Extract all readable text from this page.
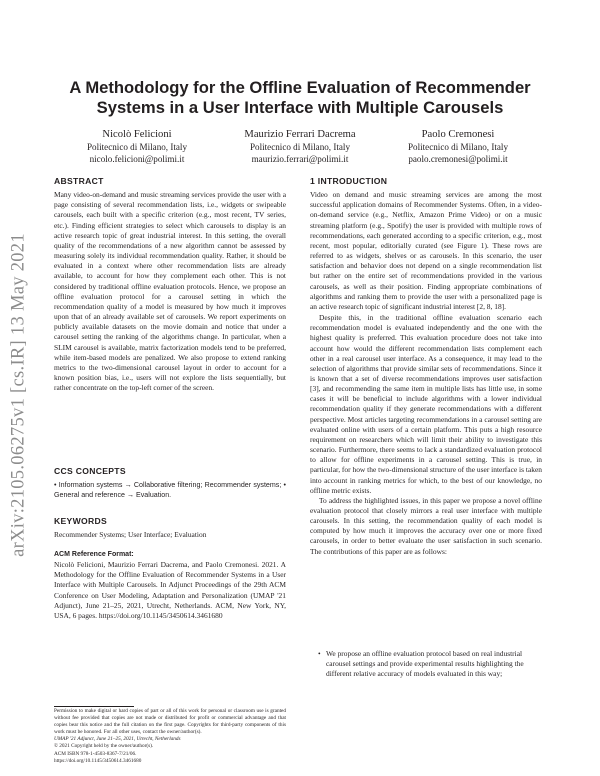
arXiv:2105.06275v1 [cs.IR] 13 May 2021
A Methodology for the Offline Evaluation of Recommender Systems in a User Interface with Multiple Carousels
Nicolò Felicioni
Politecnico di Milano, Italy
nicolo.felicioni@polimi.it
Maurizio Ferrari Dacrema
Politecnico di Milano, Italy
maurizio.ferrari@polimi.it
Paolo Cremonesi
Politecnico di Milano, Italy
paolo.cremonesi@polimi.it
ABSTRACT

Many video-on-demand and music streaming services provide the user with a page consisting of several recommendation lists, i.e., widgets or swipeable carousels, each built with a specific criterion (e.g., most recent, TV series, etc.). Finding efficient strategies to select which carousels to display is an active research topic of great industrial interest. In this setting, the overall quality of the recommendations of a new algorithm cannot be assessed by measuring solely its individual recommendation quality. Rather, it should be evaluated in a context where other recommendation lists are already available, to account for how they complement each other. This is not considered by traditional offline evaluation protocols. Hence, we propose an offline evaluation protocol for a carousel setting in which the recommendation quality of a model is measured by how much it improves upon that of an already available set of carousels. We report experiments on publicly available datasets on the movie domain and notice that under a carousel setting the ranking of the algorithms change. In particular, when a SLIM carousel is available, matrix factorization models tend to be preferred, while item-based models are penalized. We also propose to extend ranking metrics to the two-dimensional carousel layout in order to account for a known position bias, i.e., users will not explore the lists sequentially, but rather concentrate on the top-left corner of the screen.

CCS CONCEPTS

• Information systems → Collaborative filtering; Recommender systems; • General and reference → Evaluation.

KEYWORDS

Recommender Systems; User Interface; Evaluation

ACM Reference Format:

Nicolò Felicioni, Maurizio Ferrari Dacrema, and Paolo Cremonesi. 2021. A Methodology for the Offline Evaluation of Recommender Systems in a User Interface with Multiple Carousels. In Adjunct Proceedings of the 29th ACM Conference on User Modeling, Adaptation and Personalization (UMAP '21 Adjunct), June 21–25, 2021, Utrecht, Netherlands. ACM, New York, NY, USA, 6 pages. https://doi.org/10.1145/3450614.3461680

Permission to make digital or hard copies of part or all of this work for personal or classroom use is granted without fee provided that copies are not made or distributed for profit or commercial advantage and that copies bear this notice and the full citation on the first page. Copyrights for third-party components of this work must be honored. For all other uses, contact the owner/author(s).

UMAP '21 Adjunct, June 21–25, 2021, Utrecht, Netherlands

© 2021 Copyright held by the owner/author(s).

ACM ISBN 978-1-4503-8367-7/21/06.

https://doi.org/10.1145/3450614.3461680

1 INTRODUCTION

Video on demand and music streaming services are among the most successful application domains of Recommender Systems. Often, in a video-on-demand service (e.g., Netflix, Amazon Prime Video) or on a music streaming platform (e.g., Spotify) the user is provided with multiple rows of recommendations, each generated according to a specific criterion, e.g., most recent, most popular, editorially curated (see Figure 1). These rows are referred to as widgets, shelves or as carousels. In this scenario, the user satisfaction and behavior does not depend on a single recommendation list but rather on the entire set of recommendations provided in the various carousels, as well as their position. Finding appropriate combinations of algorithms and ranking them to provide the user with a personalized page is an active research topic of significant industrial interest [2, 8, 18].

Despite this, in the traditional offline evaluation scenario each recommendation model is evaluated independently and the one with the highest quality is preferred. This evaluation procedure does not take into account how would the different recommendation lists complement each other in a real carousel user interface. As a consequence, it may lead to the selection of algorithms that provide similar sets of recommendations. Since it is known that a set of diverse recommendations improves user satisfaction [3], and recommending the same item in multiple lists has little use, in some cases it will be beneficial to include algorithms with a lower individual recommendation quality if they generate recommendations with a different perspective. Most articles targeting recommendations in a carousel setting are evaluated online with users of a certain platform. This puts a high resource requirement on researchers which will limit their ability to investigate this scenario. Furthermore, there seems to lack a standardized evaluation protocol to allow for offline experiments in a carousel setting. This is true, in particular, for how the two-dimensional structure of the user interface is taken into account in ranking metrics for which, to the best of our knowledge, no offline metric exists.

To address the highlighted issues, in this paper we propose a novel offline evaluation protocol that closely mirrors a real user interface with multiple carousels. In this setting, the recommendation quality of each model is computed by how much it improves the accuracy over one or more fixed carousels, in order to better evaluate the user satisfaction in such scenario. The contributions of this paper are as follows:

• We propose an offline evaluation protocol based on real industrial carousel settings and provide experimental results highlighting the different relative accuracy of models evaluated in this way;
